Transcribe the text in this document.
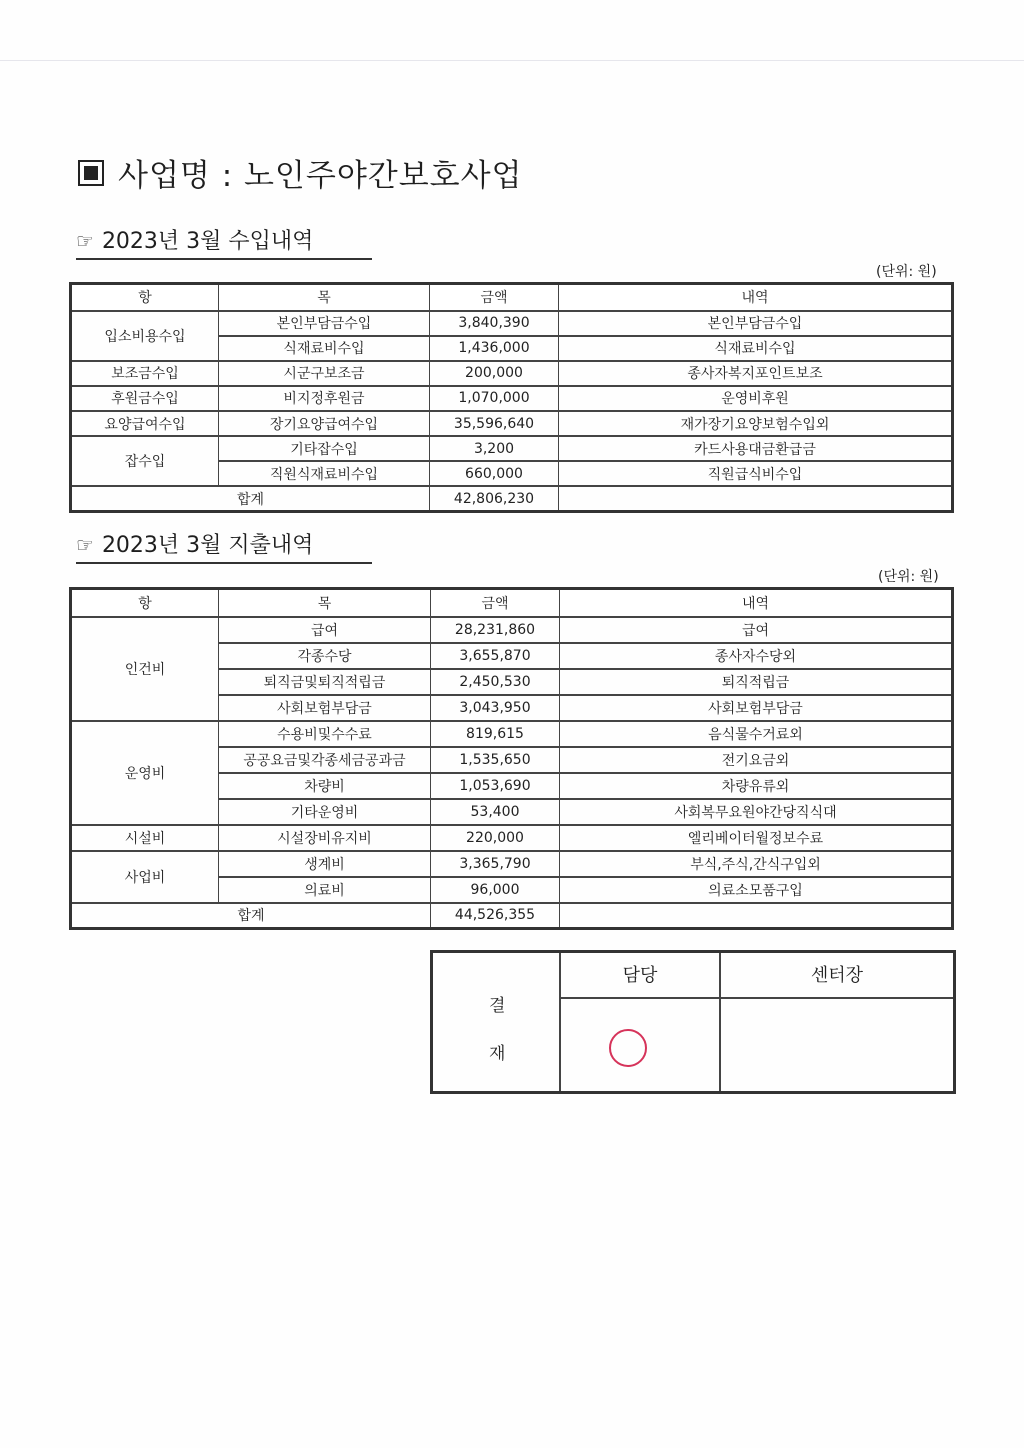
사업명 : 노인주야간보호사업
☞ 2023년 3월 수입내역
(단위: 원)
항	목	금액	내역
입소비용수입	본인부담금수입	3,840,390	본인부담금수입
	식재료비수입	1,436,000	식재료비수입
보조금수입	시군구보조금	200,000	종사자복지포인트보조
후원금수입	비지정후원금	1,070,000	운영비후원
요양급여수입	장기요양급여수입	35,596,640	재가장기요양보험수입외
잡수입	기타잡수입	3,200	카드사용대금환급금
	직원식재료비수입	660,000	직원급식비수입
합계		42,806,230	
☞ 2023년 3월 지출내역
(단위: 원)
항	목	금액	내역
인건비	급여	28,231,860	급여
	각종수당	3,655,870	종사자수당외
	퇴직금및퇴직적립금	2,450,530	퇴직적립금
	사회보험부담금	3,043,950	사회보험부담금
운영비	수용비및수수료	819,615	음식물수거료외
	공공요금및각종세금공과금	1,535,650	전기요금외
	차량비	1,053,690	차량유류외
	기타운영비	53,400	사회복무요원야간당직식대
시설비	시설장비유지비	220,000	엘리베이터월정보수료
사업비	생계비	3,365,790	부식,주식,간식구입외
	의료비	96,000	의료소모품구입
합계		44,526,355	
결
재
담당	센터장
